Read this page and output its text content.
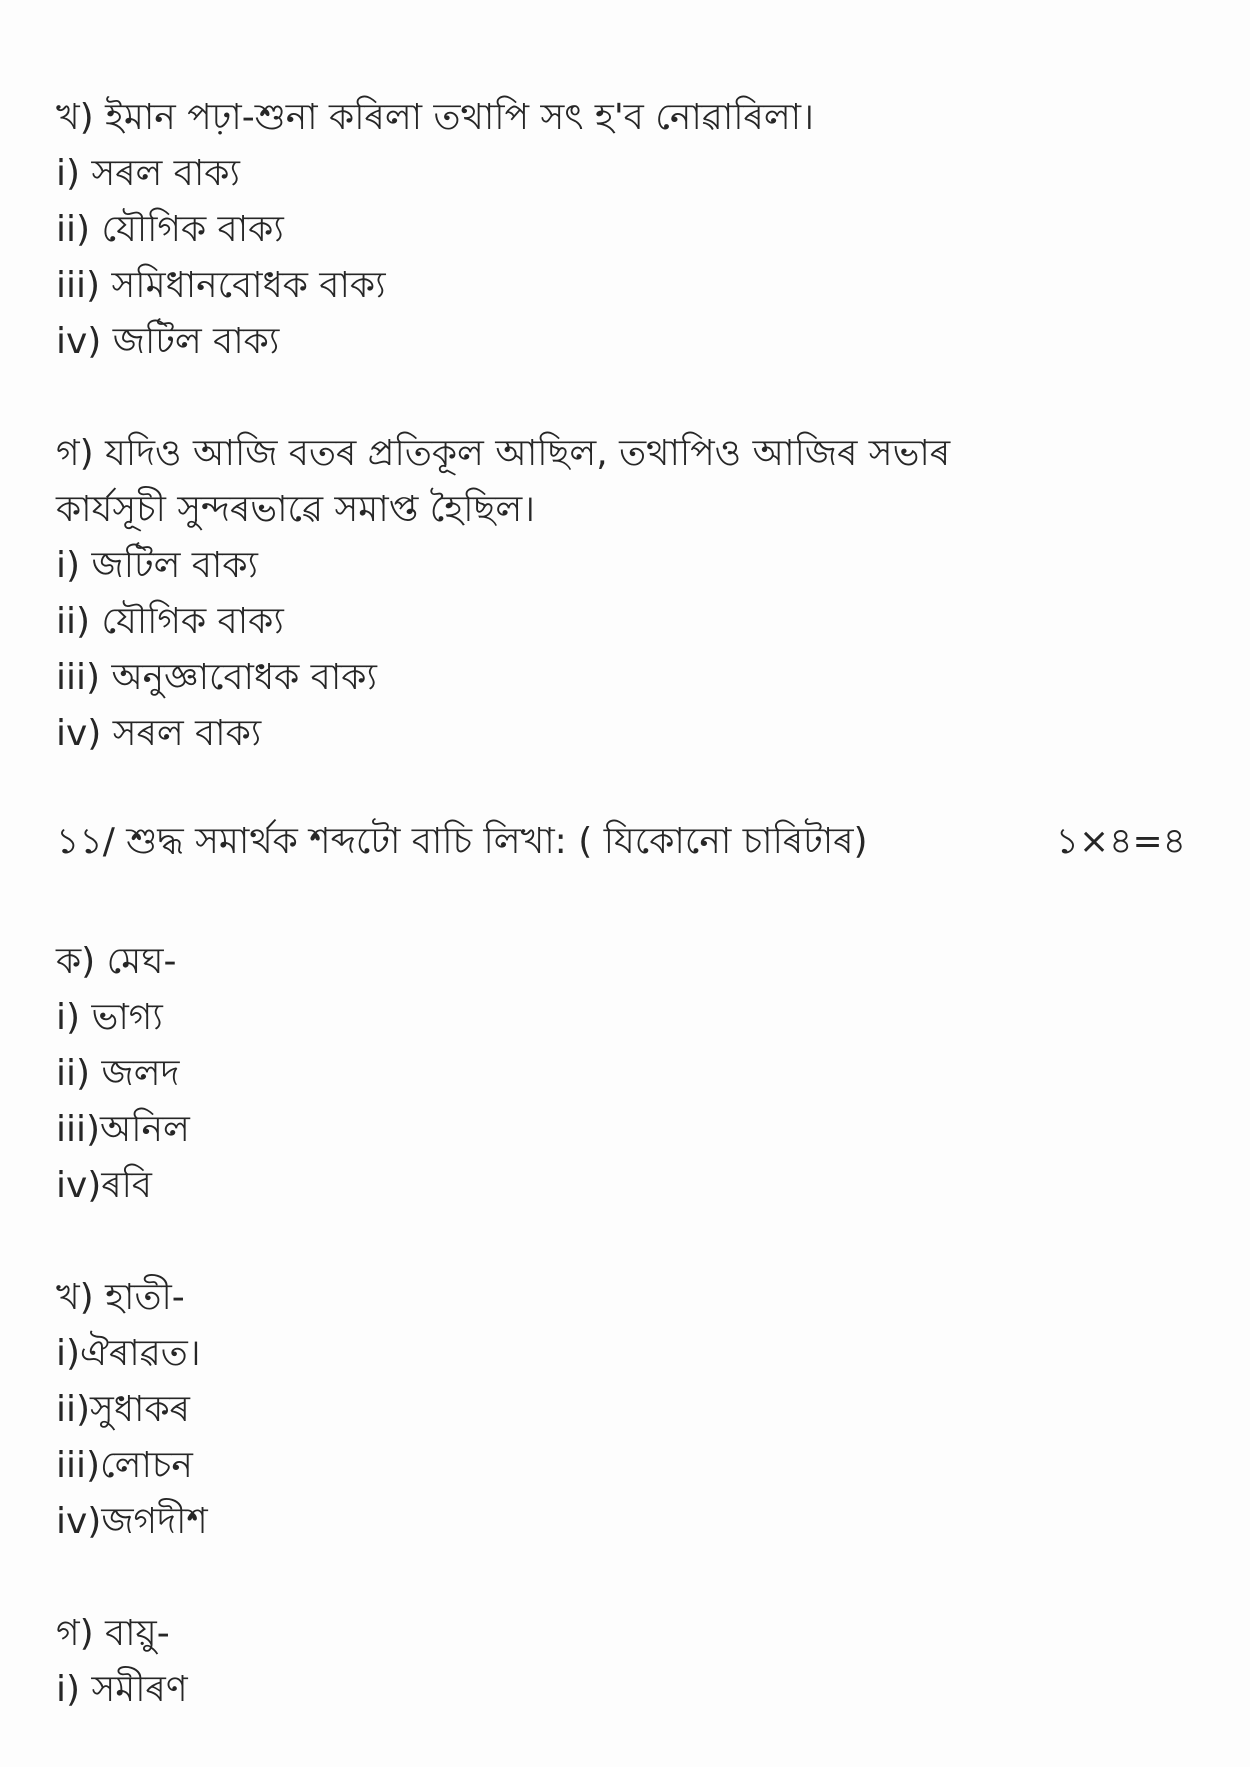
খ) ইমান পঢ়া-শুনা কৰিলা তথাপি সৎ হ'ব নোৱাৰিলা।
i) সৰল বাক্য
ii) যৌগিক বাক্য
iii) সমিধানবোধক বাক্য
iv) জটিল বাক্য
গ) যদিও আজি বতৰ প্ৰতিকূল আছিল, তথাপিও আজিৰ সভাৰ
কাৰ্যসূচী সুন্দৰভাৱে সমাপ্ত হৈছিল।
i) জটিল বাক্য
ii) যৌগিক বাক্য
iii) অনুজ্ঞাবোধক বাক্য
iv) সৰল বাক্য
১১/ শুদ্ধ সমাৰ্থক শব্দটো বাচি লিখা: ( যিকোনো চাৰিটাৰ)	১×৪=৪
ক) মেঘ-
i) ভাগ্য
ii) জলদ
iii)অনিল
iv)ৰবি
খ) হাতী-
i)ঐৰাৱত।
ii)সুধাকৰ
iii)লোচন
iv)জগদীশ
গ) বায়ু-
i) সমীৰণ
